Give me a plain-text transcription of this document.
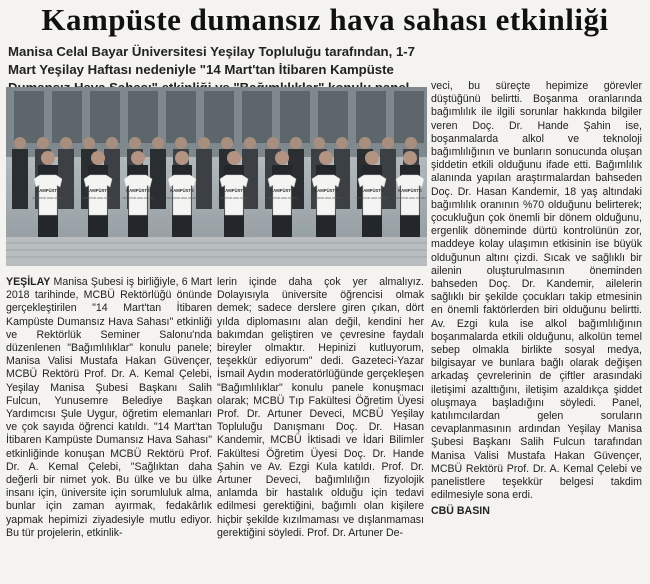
Kampüste dumansız hava sahası etkinliği
Manisa Celal Bayar Üniversitesi Yeşilay Topluluğu tarafından, 1-7 Mart Yeşilay Haftası nedeniyle "14 Mart'tan İtibaren Kampüste
KAMPÜSTE
DUMANSIZ HAVA SAHASI
KAMPÜSTE
DUMANSIZ HAVA SAHASI
KAMPÜSTE
DUMANSIZ HAVA SAHASI
KAMPÜSTE
DUMANSIZ HAVA SAHASI
KAMPÜSTE
DUMANSIZ HAVA SAHASI
KAMPÜSTE
DUMANSIZ HAVA SAHASI
KAMPÜSTE
DUMANSIZ HAVA SAHASI
KAMPÜSTE
DUMANSIZ HAVA SAHASI
KAMPÜSTE
DUMANSIZ HAVA SAHASI

YEŞİLAY Manisa Şubesi iş birliğiyle, 6 Mart 2018 tarihinde, MCBÜ Rektörlüğü önünde gerçekleştirilen "14 Mart'tan İtibaren Kampüste Dumansız Hava Sahası" etkinliği ve Rektörlük Seminer Salonu'nda düzenlenen "Bağımlılıklar" konulu panele; Manisa Valisi Mustafa Hakan Güvençer, MCBÜ Rektörü Prof. Dr. A. Kemal Çelebi, Yeşilay Manisa Şubesi Başkanı Salih Fulcun, Yunusemre Belediye Başkan Yardımcısı Şule Uygur, öğretim elemanları ve çok sayıda öğrenci katıldı. "14 Mart'tan İtibaren Kampüste Dumansız Hava Sahası" etkinliğinde konuşan MCBÜ Rektörü Prof. Dr. A. Kemal Çelebi, "Sağlıktan daha değerli bir nimet yok. Bu ülke ve bu ülke insanı için, üniversite için sorumluluk alma, bunlar için zaman ayırmak, fedakârlık yapmak hepimizi ziyadesiyle mutlu ediyor. Bu tür projelerin, etkinlik-

lerin içinde daha çok yer almalıyız. Dolayısıyla üniversite öğrencisi olmak demek; sadece derslere giren çıkan, dört yılda diplomasını alan değil, kendini her bakımdan geliştiren ve çevresine faydalı bireyler olmaktır. Hepinizi kutluyorum, teşekkür ediyorum" dedi. Gazeteci-Yazar İsmail Aydın moderatörlüğünde gerçekleşen "Bağımlılıklar" konulu panele konuşmacı olarak; MCBÜ Tıp Fakültesi Öğretim Üyesi Prof. Dr. Artuner Deveci, MCBÜ Yeşilay Topluluğu Danışmanı Doç. Dr. Hasan Kandemir, MCBÜ İktisadi ve İdari Bilimler Fakültesi Öğretim Üyesi Doç. Dr. Hande Şahin ve Av. Ezgi Kula katıldı. Prof. Dr. Artuner Deveci, bağımlılığın fizyolojik anlamda bir hastalık olduğu için tedavi edilmesi gerektiğini, bağımlı olan kişilere hiçbir şekilde kızılmaması ve dışlanmaması gerektiğini söyledi. Prof. Dr. Artuner De-

veci, bu süreçte hepimize görevler düştüğünü belirtti. Boşanma oranlarında bağımlılık ile ilgili sorunlar hakkında bilgiler veren Doç. Dr. Hande Şahin ise, boşanmalarda alkol ve teknoloji bağımlılığının ve bunların sonucunda oluşan şiddetin etkili olduğunu ifade etti. Bağımlılık alanında yapılan araştırmalardan bahseden Doç. Dr. Hasan Kandemir, 18 yaş altındaki bağımlılık oranının %70 olduğunu belirterek; çocukluğun çok önemli bir dönem olduğunu, ergenlik döneminde dürtü kontrolünün zor, maddeye kolay ulaşımın etkisinin ise büyük olduğunun altını çizdi. Sıcak ve sağlıklı bir ailenin oluşturulmasının öneminden bahseden Doç. Dr. Kandemir, ailelerin sağlıklı bir şekilde çocukları takip etmesinin en önemli faktörlerden biri olduğunu belirtti. Av. Ezgi kula ise alkol bağımlılığının boşanmalarda etkili olduğunu, alkolün temel sebep olmakla birlikte sosyal medya, bilgisayar ve bunlara bağlı olarak değişen arkadaş çevrelerinin de çiftler arasındaki iletişimi azalttığını, iletişim azaldıkça şiddet oluşmaya başladığını söyledi. Panel, katılımcılardan gelen soruların cevaplanmasının ardından Yeşilay Manisa Şubesi Başkanı Salih Fulcun tarafından Manisa Valisi Mustafa Hakan Güvençer, MCBÜ Rektörü Prof. Dr. A. Kemal Çelebi ve panelistlere teşekkür belgesi takdim edilmesiyle sona erdi.

CBÜ BASIN
